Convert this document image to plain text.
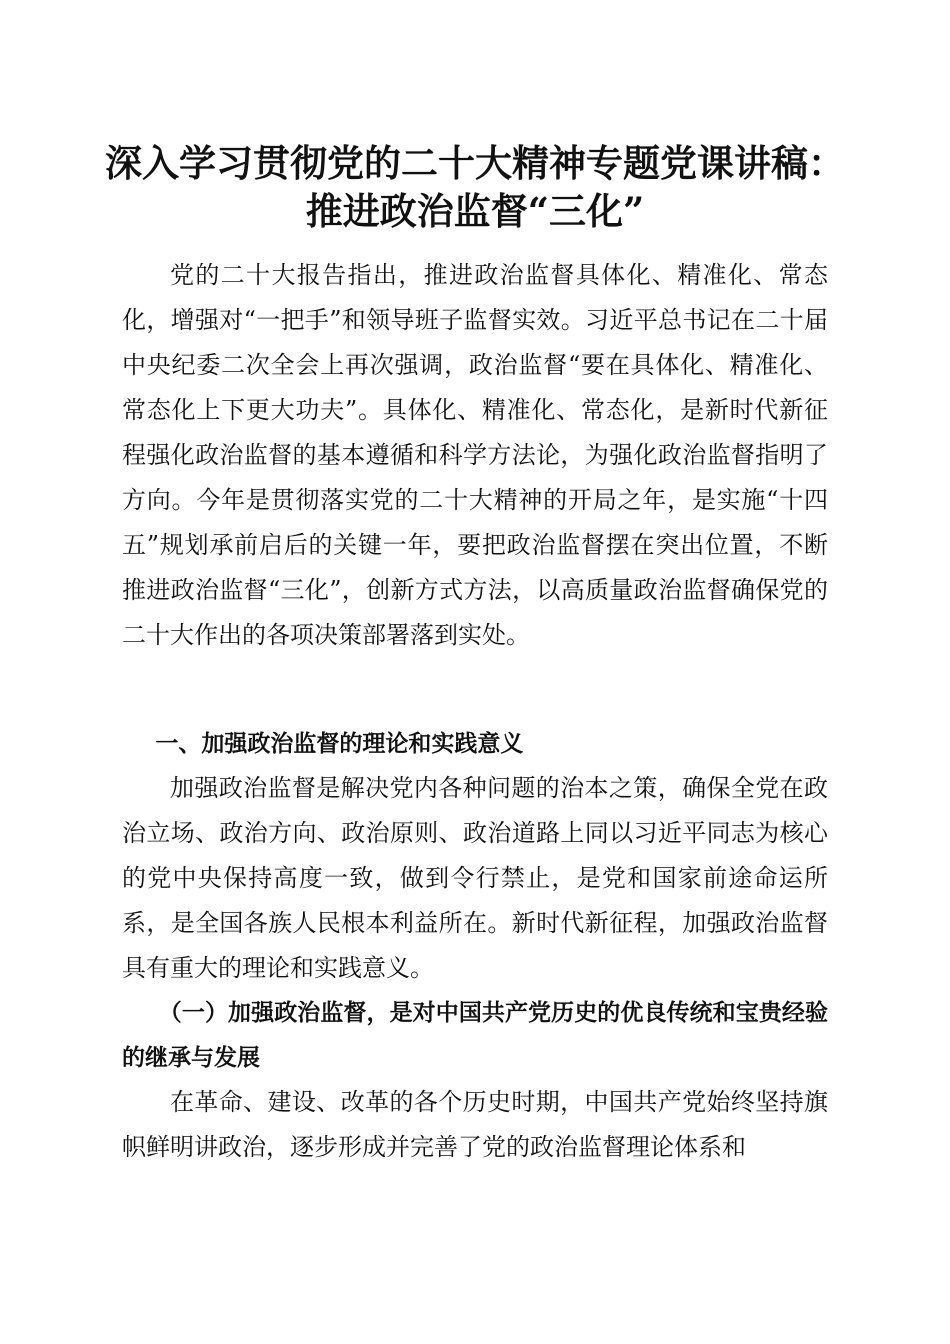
深入学习贯彻党的二十大精神专题党课讲稿：
推进政治监督“三化”

党的二十大报告指出，推进政治监督具体化、精准化、常态化，增强对“一把手”和领导班子监督实效。习近平总书记在二十届中央纪委二次全会上再次强调，政治监督“要在具体化、精准化、常态化上下更大功夫”。具体化、精准化、常态化，是新时代新征程强化政治监督的基本遵循和科学方法论，为强化政治监督指明了方向。今年是贯彻落实党的二十大精神的开局之年，是实施“十四五”规划承前启后的关键一年，要把政治监督摆在突出位置，不断推进政治监督“三化”，创新方式方法，以高质量政治监督确保党的二十大作出的各项决策部署落到实处。

一、加强政治监督的理论和实践意义

加强政治监督是解决党内各种问题的治本之策，确保全党在政治立场、政治方向、政治原则、政治道路上同以习近平同志为核心的党中央保持高度一致，做到令行禁止，是党和国家前途命运所系，是全国各族人民根本利益所在。新时代新征程，加强政治监督具有重大的理论和实践意义。

（一）加强政治监督，是对中国共产党历史的优良传统和宝贵经验的继承与发展

在革命、建设、改革的各个历史时期，中国共产党始终坚持旗帜鲜明讲政治，逐步形成并完善了党的政治监督理论体系和
